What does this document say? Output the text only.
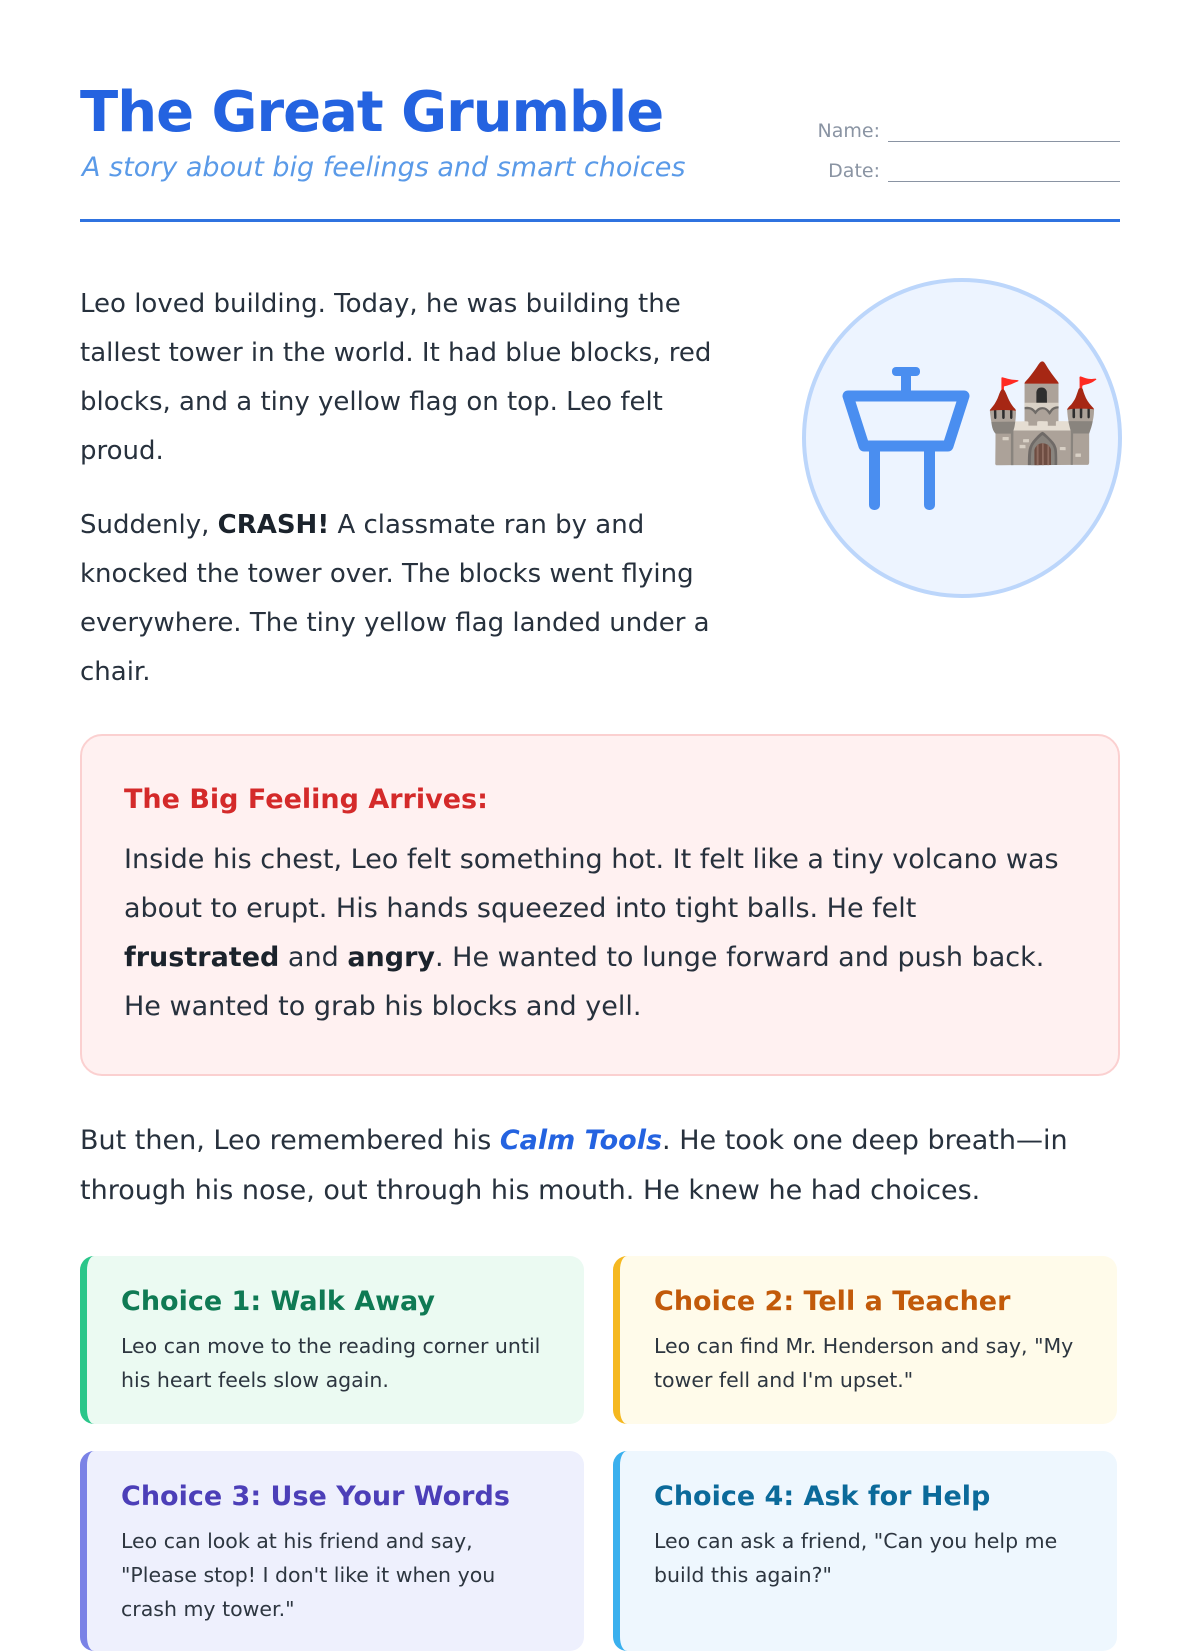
The Great Grumble
A story about big feelings and smart choices
Name:
Date:

Leo loved building. Today, he was building the tallest tower in the world. It had blue blocks, red blocks, and a tiny yellow flag on top. Leo felt proud.

Suddenly, CRASH! A classmate ran by and knocked the tower over. The blocks went flying everywhere. The tiny yellow flag landed under a chair.

🏰
The Big Feeling Arrives:

Inside his chest, Leo felt something hot. It felt like a tiny volcano was about to erupt. His hands squeezed into tight balls. He felt frustrated and angry. He wanted to lunge forward and push back. He wanted to grab his blocks and yell.

But then, Leo remembered his Calm Tools. He took one deep breath—in through his nose, out through his mouth. He knew he had choices.
Choice 1: Walk Away

Leo can move to the reading corner until his heart feels slow again.

Choice 2: Tell a Teacher

Leo can find Mr. Henderson and say, "My tower fell and I'm upset."

Choice 3: Use Your Words

Leo can look at his friend and say, "Please stop! I don't like it when you crash my tower."

Choice 4: Ask for Help

Leo can ask a friend, "Can you help me build this again?"
